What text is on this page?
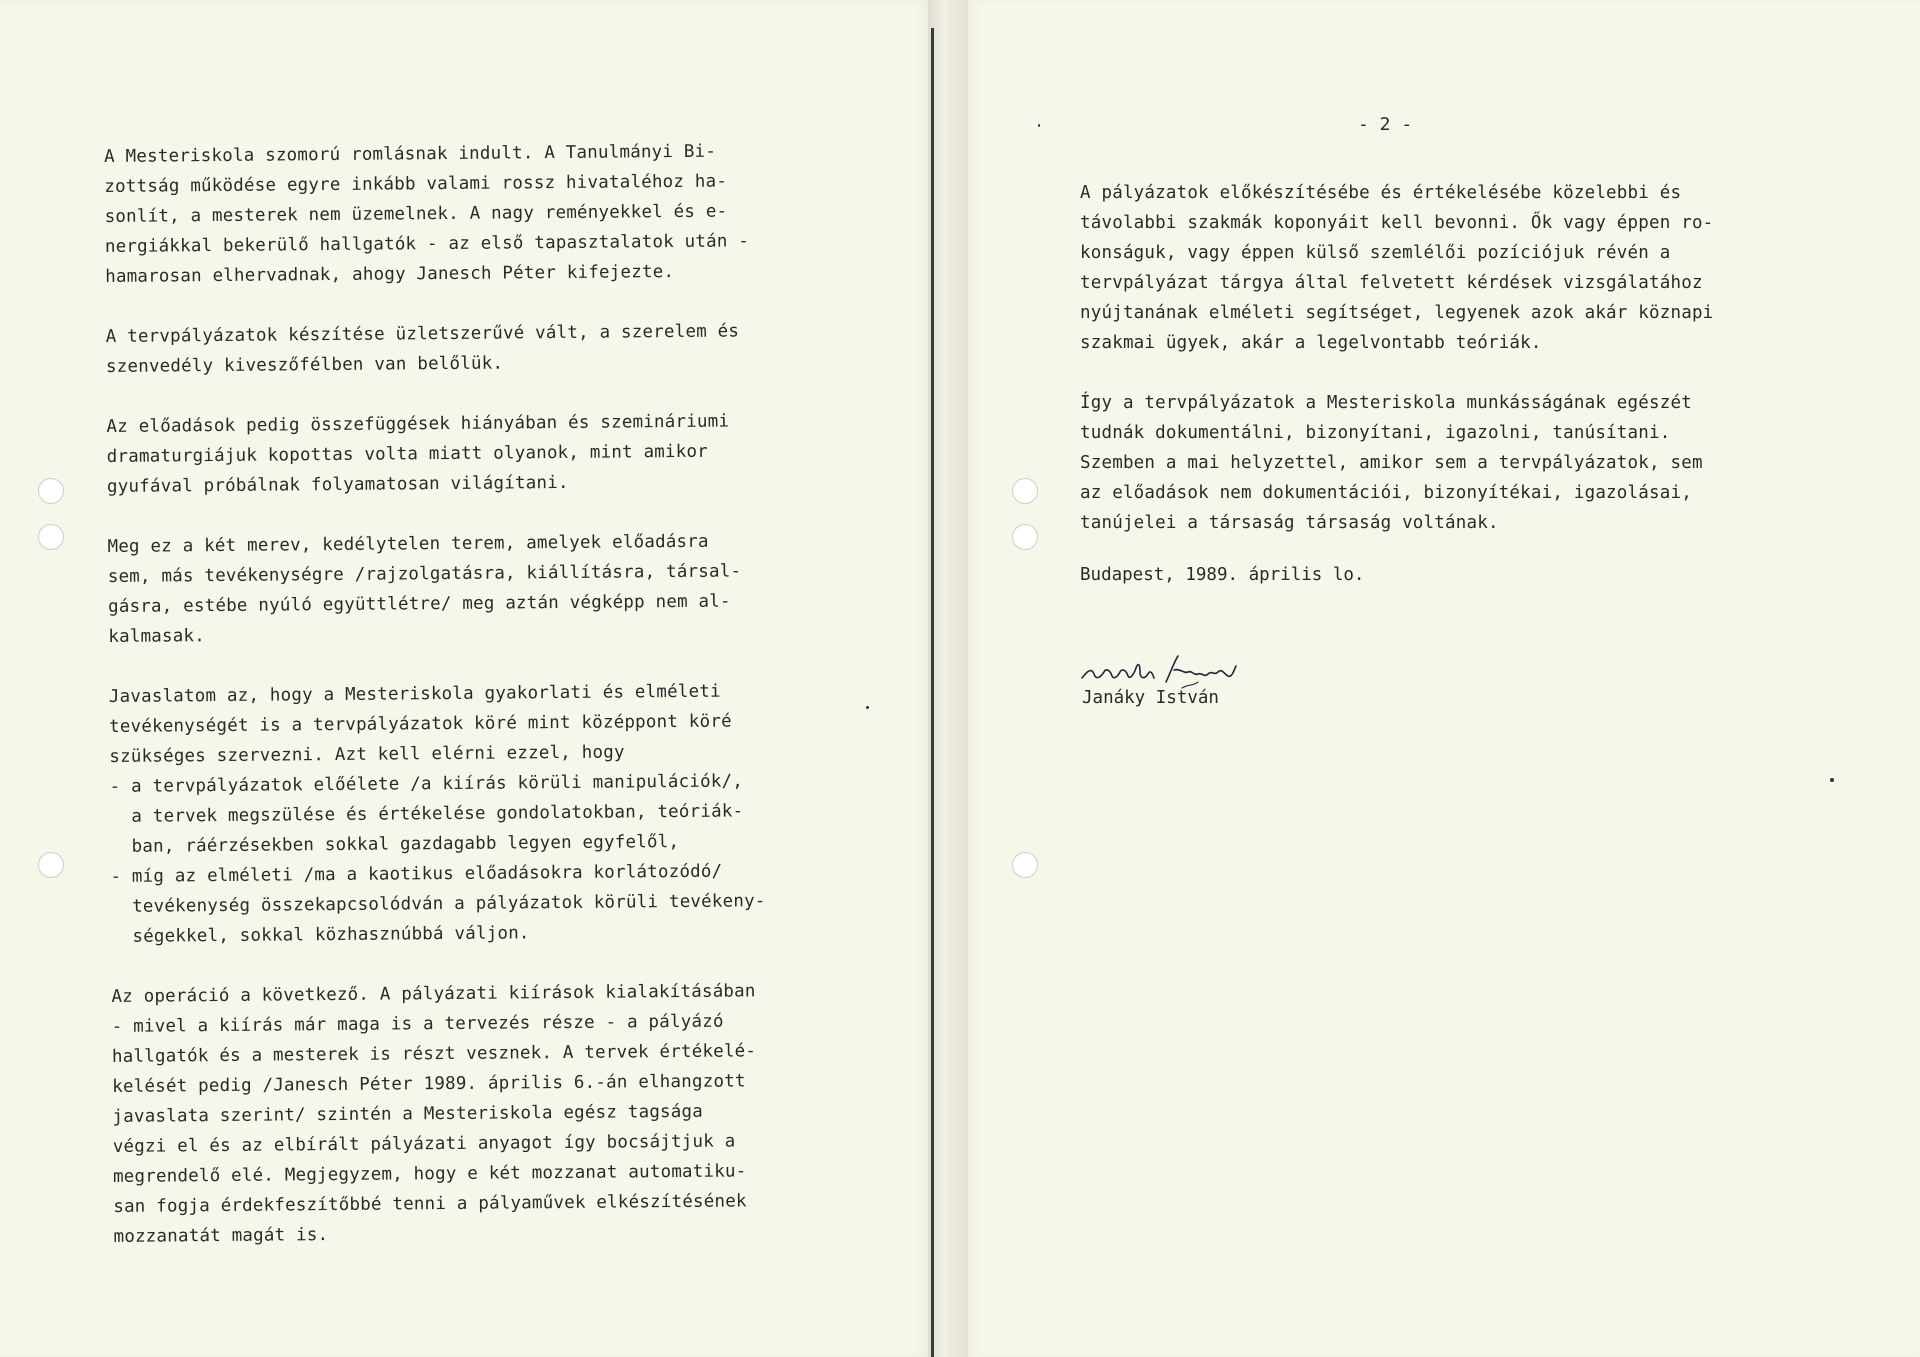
A Mesteriskola szomorú romlásnak indult. A Tanulmányi Bi-
zottság működése egyre inkább valami rossz hivataléhoz ha-
sonlít, a mesterek nem üzemelnek. A nagy reményekkel és e-
nergiákkal bekerülő hallgatók - az első tapasztalatok után -
hamarosan elhervadnak, ahogy Janesch Péter kifejezte.
A tervpályázatok készítése üzletszerűvé vált, a szerelem és
szenvedély kiveszőfélben van belőlük.
Az előadások pedig összefüggések hiányában és szemináriumi
dramaturgiájuk kopottas volta miatt olyanok, mint amikor
gyufával próbálnak folyamatosan világítani.
Meg ez a két merev, kedélytelen terem, amelyek előadásra
sem, más tevékenységre /rajzolgatásra, kiállításra, társal-
gásra, estébe nyúló együttlétre/ meg aztán végképp nem al-
kalmasak.
Javaslatom az, hogy a Mesteriskola gyakorlati és elméleti
tevékenységét is a tervpályázatok köré mint középpont köré
szükséges szervezni. Azt kell elérni ezzel, hogy
- a tervpályázatok előélete /a kiírás körüli manipulációk/,
a tervek megszülése és értékelése gondolatokban, teóriák-
ban, ráérzésekben sokkal gazdagabb legyen egyfelől,
- míg az elméleti /ma a kaotikus előadásokra korlátozódó/
tevékenység összekapcsolódván a pályázatok körüli tevékeny-
ségekkel, sokkal közhasznúbbá váljon.
Az operáció a következő. A pályázati kiírások kialakításában
- mivel a kiírás már maga is a tervezés része - a pályázó
hallgatók és a mesterek is részt vesznek. A tervek értékelé-
kelését pedig /Janesch Péter 1989. április 6.-án elhangzott
javaslata szerint/ szintén a Mesteriskola egész tagsága
végzi el és az elbírált pályázati anyagot így bocsájtjuk a
megrendelő elé. Megjegyzem, hogy e két mozzanat automatiku-
san fogja érdekfeszítőbbé tenni a pályaművek elkészítésének
mozzanatát magát is.
- 2 -
A pályázatok előkészítésébe és értékelésébe közelebbi és
távolabbi szakmák koponyáit kell bevonni. Ők vagy éppen ro-
konságuk, vagy éppen külső szemlélői pozíciójuk révén a
tervpályázat tárgya által felvetett kérdések vizsgálatához
nyújtanának elméleti segítséget, legyenek azok akár köznapi
szakmai ügyek, akár a legelvontabb teóriák.
Így a tervpályázatok a Mesteriskola munkásságának egészét
tudnák dokumentálni, bizonyítani, igazolni, tanúsítani.
Szemben a mai helyzettel, amikor sem a tervpályázatok, sem
az előadások nem dokumentációi, bizonyítékai, igazolásai,
tanújelei a társaság társaság voltának.
Budapest, 1989. április lo.
Janáky István
